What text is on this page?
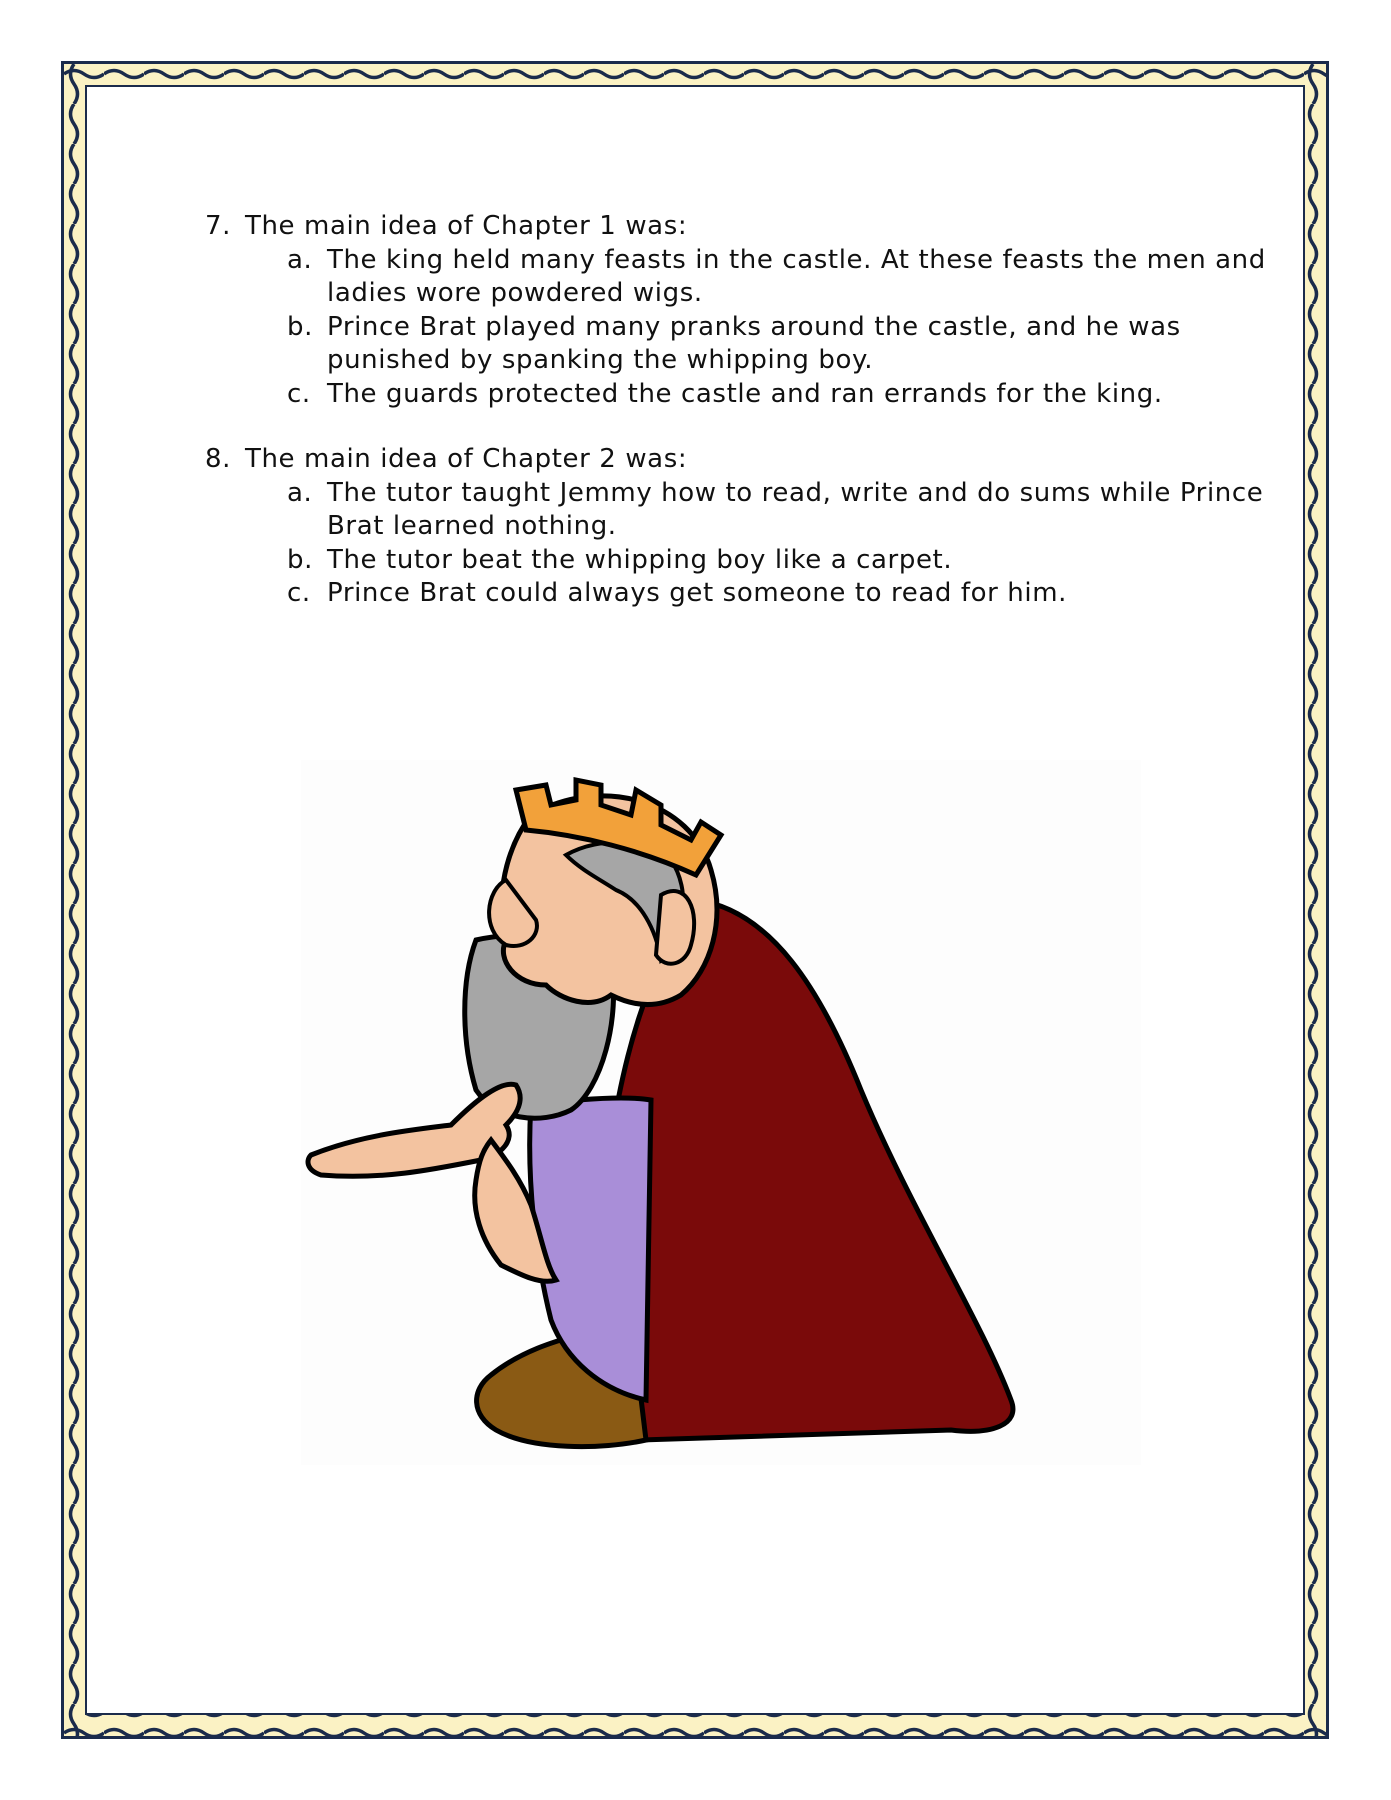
7. The main idea of Chapter 1 was:
a. The king held many feasts in the castle. At these feasts the men and ladies wore powdered wigs.
b. Prince Brat played many pranks around the castle, and he was punished by spanking the whipping boy.
c. The guards protected the castle and ran errands for the king.
8. The main idea of Chapter 2 was:
a. The tutor taught Jemmy how to read, write and do sums while Prince Brat learned nothing.
b. The tutor beat the whipping boy like a carpet.
c. Prince Brat could always get someone to read for him.
